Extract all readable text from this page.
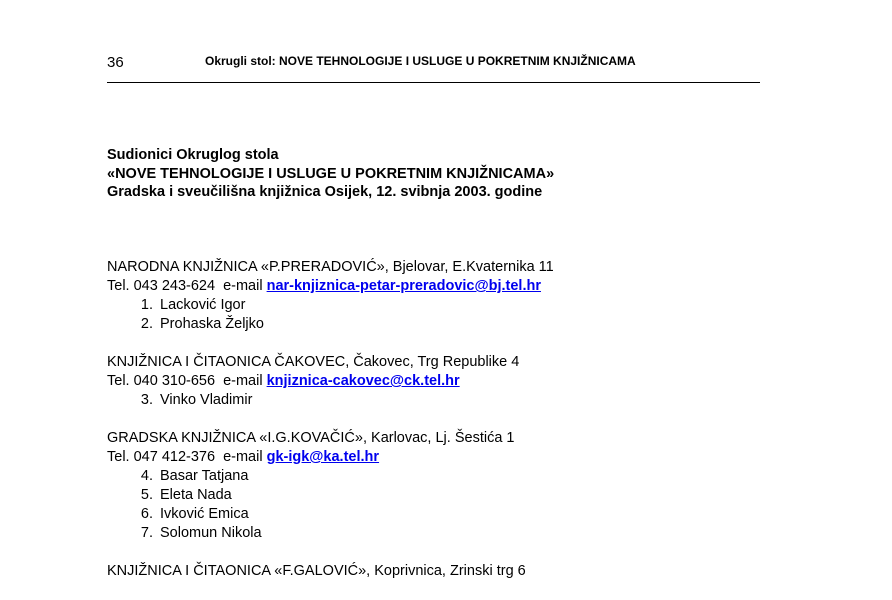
36	Okrugli stol: NOVE TEHNOLOGIJE I USLUGE U POKRETNIM KNJIŽNICAMA
Sudionici Okruglog stola
«NOVE TEHNOLOGIJE I USLUGE U POKRETNIM KNJIŽNICAMA»
Gradska i sveučilišna knjižnica Osijek, 12. svibnja 2003. godine
NARODNA KNJIŽNICA «P.PRERADOVIĆ», Bjelovar, E.Kvaternika 11
Tel. 043 243-624  e-mail nar-knjiznica-petar-preradovic@bj.tel.hr
1. Lacković Igor
2. Prohaska Željko
KNJIŽNICA I ČITAONICA ČAKOVEC, Čakovec, Trg Republike 4
Tel. 040 310-656  e-mail knjiznica-cakovec@ck.tel.hr
3. Vinko Vladimir
GRADSKA KNJIŽNICA «I.G.KOVAČIĆ», Karlovac, Lj. Šestića 1
Tel. 047 412-376  e-mail gk-igk@ka.tel.hr
4. Basar Tatjana
5. Eleta Nada
6. Ivković Emica
7. Solomun Nikola
KNJIŽNICA I ČITAONICA «F.GALOVIĆ», Koprivnica, Zrinski trg 6
